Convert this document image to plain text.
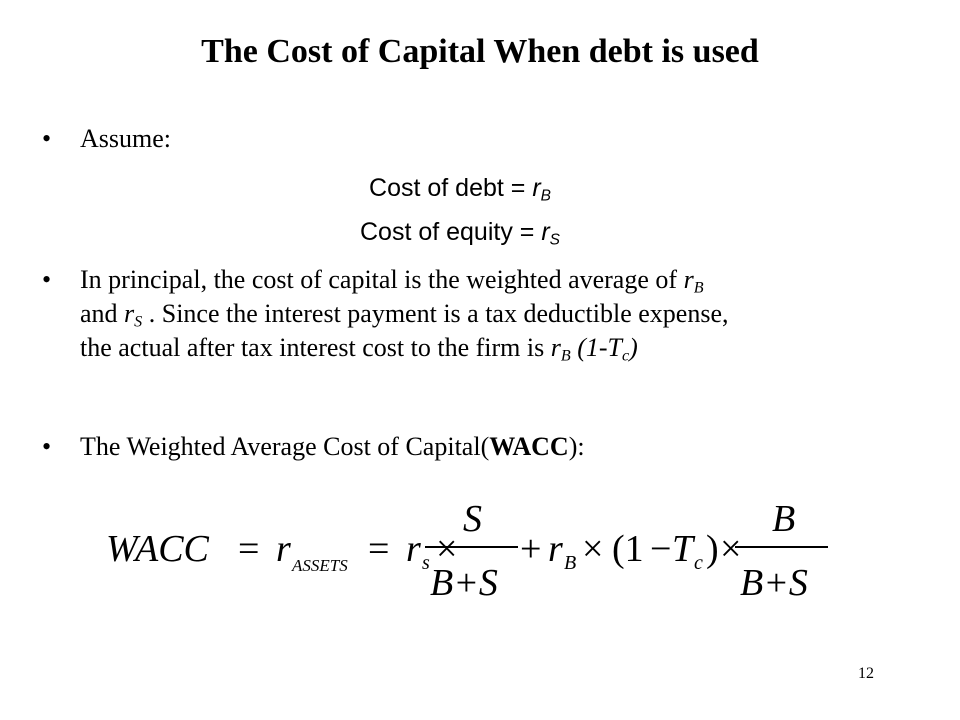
The Cost of Capital When debt is used
• Assume:
Cost of debt = $r_B$
Cost of equity = $r_S$
• In principal, the cost of capital is the weighted average of $r_B$
and $r_S$ . Since the interest payment is a tax deductible expense,
the actual after tax interest cost to the firm is $r_B$ $(1-T_c)$
• The Weighted Average Cost of Capital(WACC):
WACC = r ASSETS = r s ×
S
B+S
+ r B × (1 − T c ) ×
B
B+S
12
